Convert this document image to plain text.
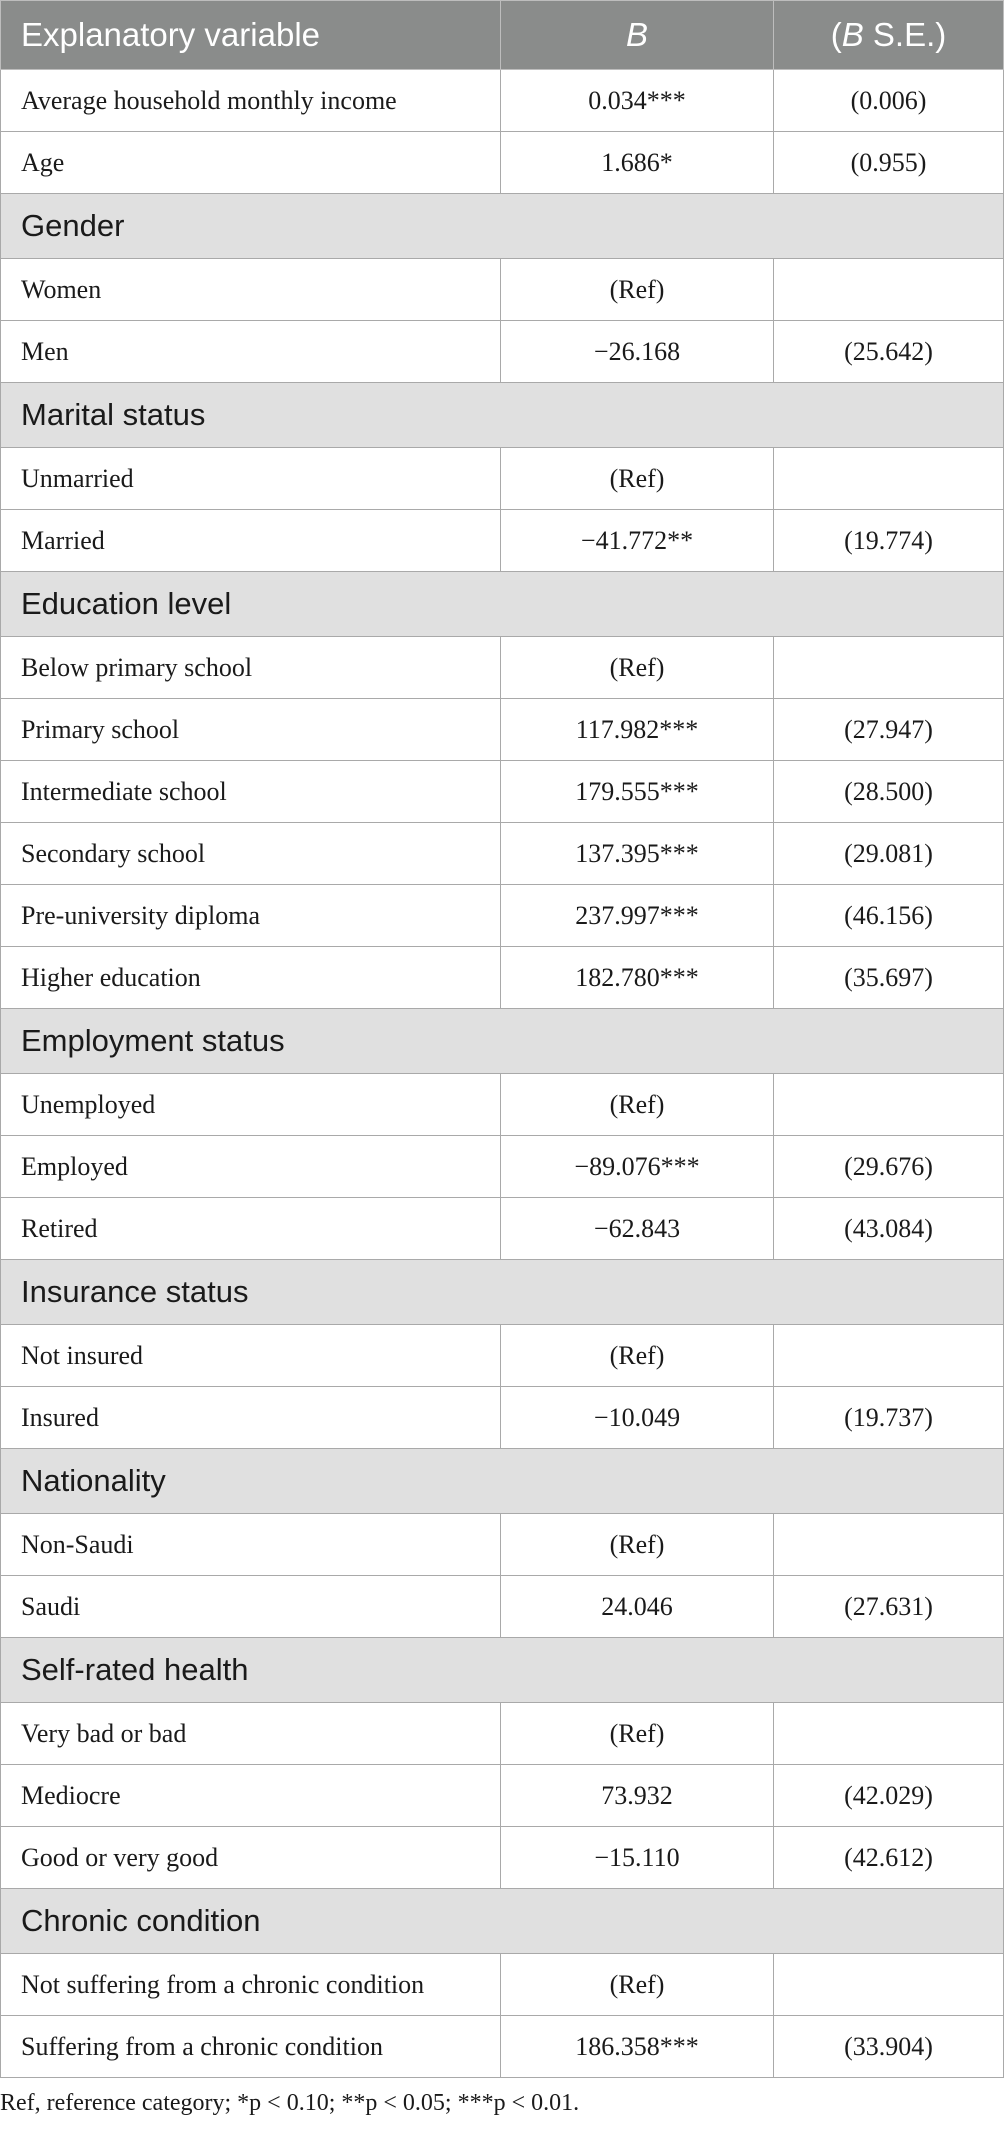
Explanatory variable	B	(B S.E.)
Average household monthly income	0.034***	(0.006)
Age	1.686*	(0.955)
Gender		
Women	(Ref)	
Men	−26.168	(25.642)
Marital status		
Unmarried	(Ref)	
Married	−41.772**	(19.774)
Education level		
Below primary school	(Ref)	
Primary school	117.982***	(27.947)
Intermediate school	179.555***	(28.500)
Secondary school	137.395***	(29.081)
Pre-university diploma	237.997***	(46.156)
Higher education	182.780***	(35.697)
Employment status		
Unemployed	(Ref)	
Employed	−89.076***	(29.676)
Retired	−62.843	(43.084)
Insurance status		
Not insured	(Ref)	
Insured	−10.049	(19.737)
Nationality		
Non-Saudi	(Ref)	
Saudi	24.046	(27.631)
Self-rated health		
Very bad or bad	(Ref)	
Mediocre	73.932	(42.029)
Good or very good	−15.110	(42.612)
Chronic condition		
Not suffering from a chronic condition	(Ref)	
Suffering from a chronic condition	186.358***	(33.904)
Ref, reference category; *p < 0.10; **p < 0.05; ***p < 0.01.
